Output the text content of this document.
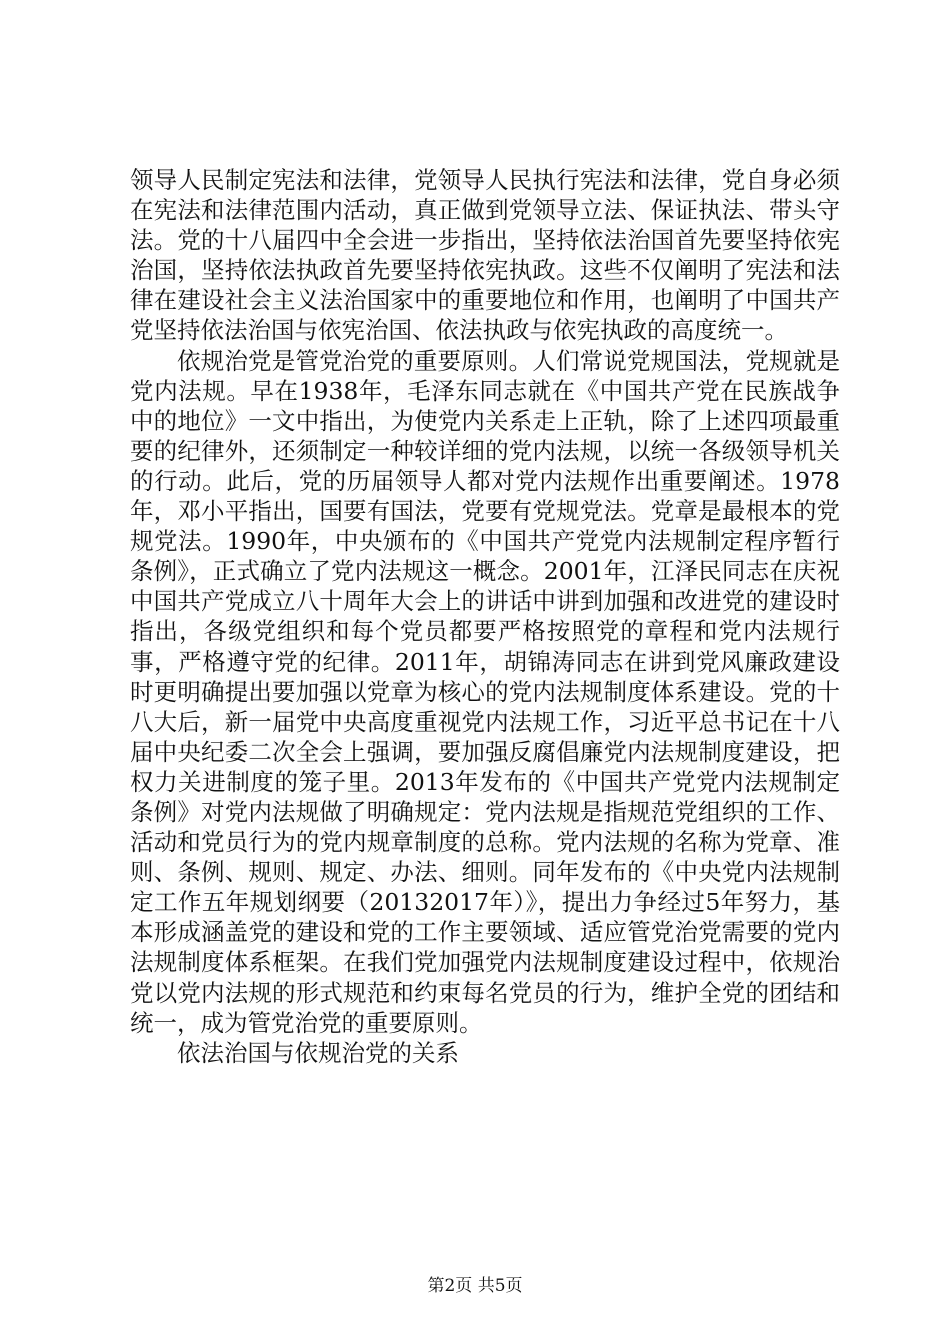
领导人民制定宪法和法律，党领导人民执行宪法和法律，党自身必须在宪法和法律范围内活动，真正做到党领导立法、保证执法、带头守法。党的十八届四中全会进一步指出，坚持依法治国首先要坚持依宪治国，坚持依法执政首先要坚持依宪执政。这些不仅阐明了宪法和法律在建设社会主义法治国家中的重要地位和作用，也阐明了中国共产党坚持依法治国与依宪治国、依法执政与依宪执政的高度统一。

依规治党是管党治党的重要原则。人们常说党规国法，党规就是党内法规。早在1938年，毛泽东同志就在《中国共产党在民族战争中的地位》一文中指出，为使党内关系走上正轨，除了上述四项最重要的纪律外，还须制定一种较详细的党内法规，以统一各级领导机关的行动。此后，党的历届领导人都对党内法规作出重要阐述。1978年，邓小平指出，国要有国法，党要有党规党法。党章是最根本的党规党法。1990年，中央颁布的《中国共产党党内法规制定程序暂行条例》，正式确立了党内法规这一概念。2001年，江泽民同志在庆祝中国共产党成立八十周年大会上的讲话中讲到加强和改进党的建设时指出，各级党组织和每个党员都要严格按照党的章程和党内法规行事，严格遵守党的纪律。2011年，胡锦涛同志在讲到党风廉政建设时更明确提出要加强以党章为核心的党内法规制度体系建设。党的十八大后，新一届党中央高度重视党内法规工作，习近平总书记在十八届中央纪委二次全会上强调，要加强反腐倡廉党内法规制度建设，把权力关进制度的笼子里。2013年发布的《中国共产党党内法规制定条例》对党内法规做了明确规定：党内法规是指规范党组织的工作、活动和党员行为的党内规章制度的总称。党内法规的名称为党章、准则、条例、规则、规定、办法、细则。同年发布的《中央党内法规制定工作五年规划纲要（20132017年）》，提出力争经过5年努力，基本形成涵盖党的建设和党的工作主要领域、适应管党治党需要的党内法规制度体系框架。在我们党加强党内法规制度建设过程中，依规治党以党内法规的形式规范和约束每名党员的行为，维护全党的团结和统一，成为管党治党的重要原则。

依法治国与依规治党的关系

第2页 共5页
